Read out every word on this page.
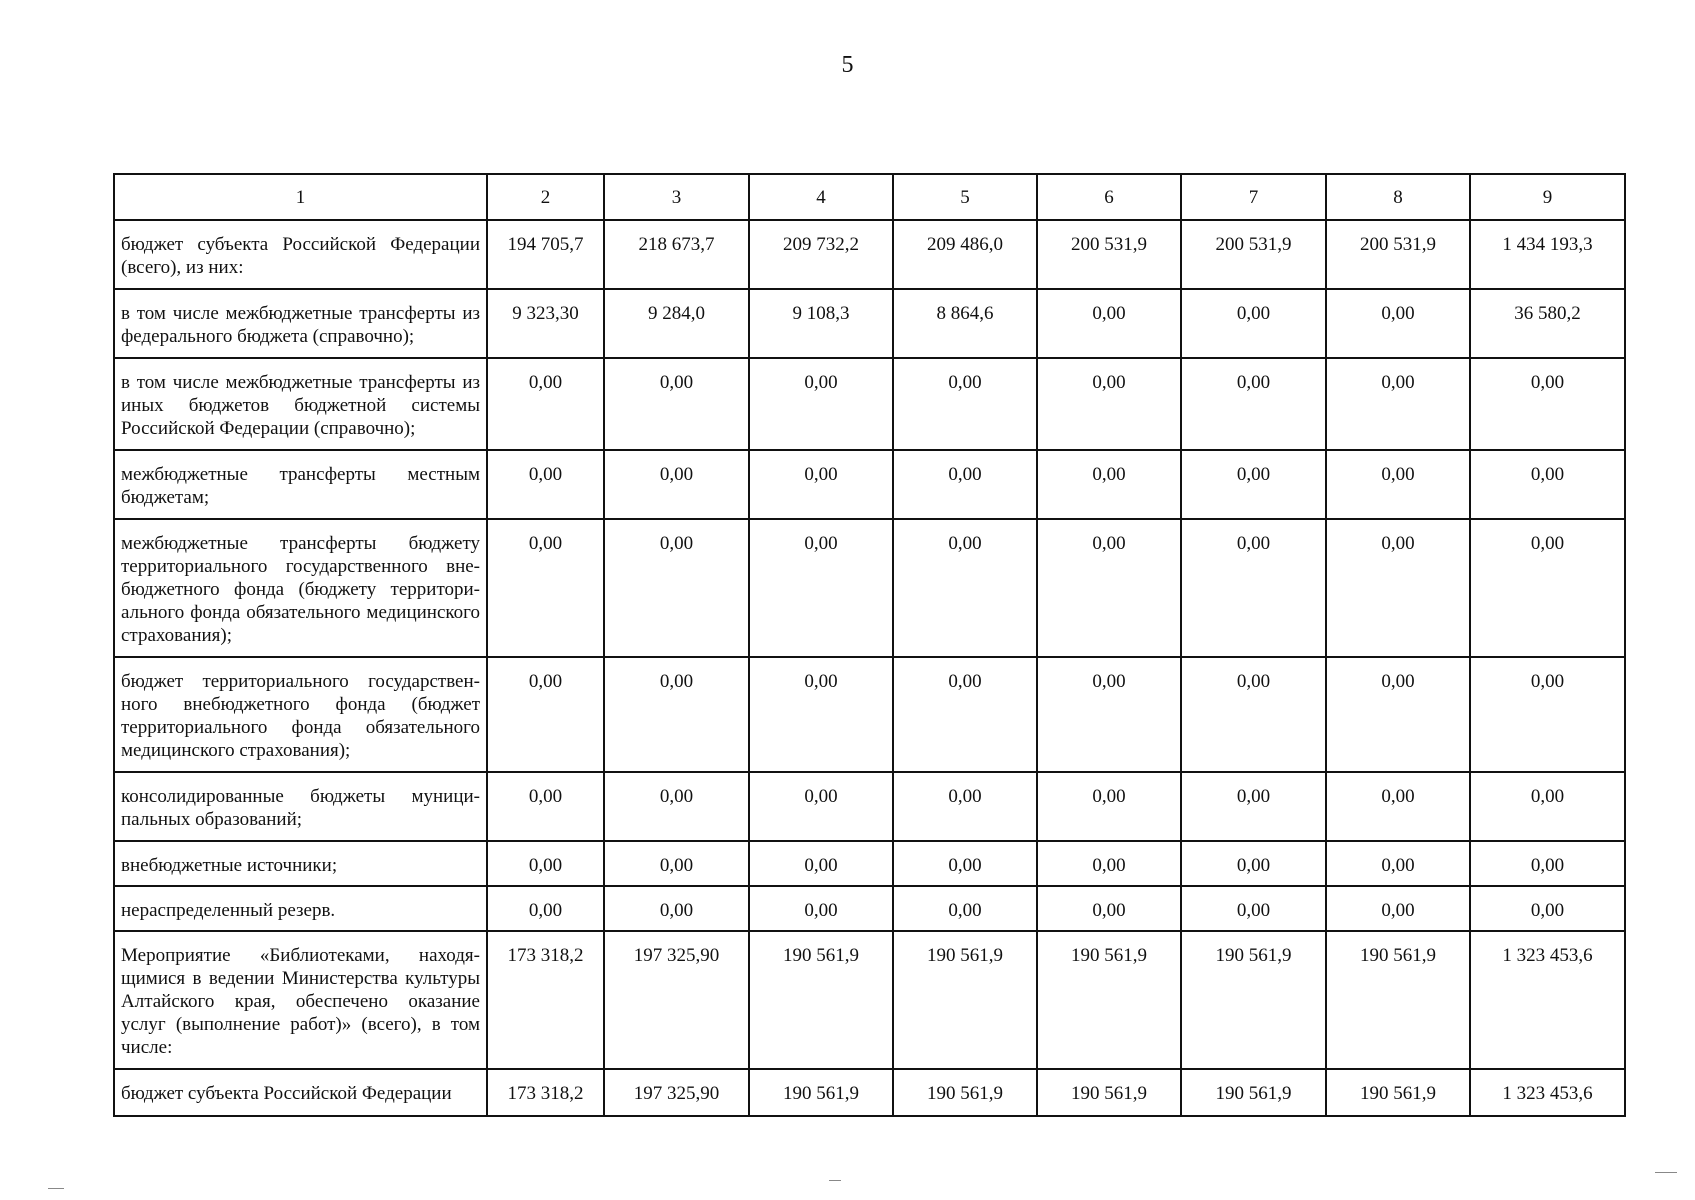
5
1	2	3	4	5	6	7	8	9
бюджет субъекта Российской Федерации (всего), из них:	194 705,7	218 673,7	209 732,2	209 486,0	200 531,9	200 531,9	200 531,9	1 434 193,3
в том числе межбюджетные трансферты из федерального бюджета (справочно);	9 323,30	9 284,0	9 108,3	8 864,6	0,00	0,00	0,00	36 580,2
в том числе межбюджетные трансферты из иных бюджетов бюджетной системы Российской Федерации (справочно);	0,00	0,00	0,00	0,00	0,00	0,00	0,00	0,00
межбюджетные трансферты местным бюджетам;	0,00	0,00	0,00	0,00	0,00	0,00	0,00	0,00
межбюджетные трансферты бюджету территориального государственного внебюджетного фонда (бюджету территориального фонда обязательного медицинского страхования);	0,00	0,00	0,00	0,00	0,00	0,00	0,00	0,00
бюджет территориального государственного внебюджетного фонда (бюджет территориального фонда обязательного медицинского страхования);	0,00	0,00	0,00	0,00	0,00	0,00	0,00	0,00
консолидированные бюджеты муниципальных образований;	0,00	0,00	0,00	0,00	0,00	0,00	0,00	0,00
внебюджетные источники;	0,00	0,00	0,00	0,00	0,00	0,00	0,00	0,00
нераспределенный резерв.	0,00	0,00	0,00	0,00	0,00	0,00	0,00	0,00
Мероприятие «Библиотеками, находящимися в ведении Министерства культуры Алтайского края, обеспечено оказание услуг (выполнение работ)» (всего), в том числе:	173 318,2	197 325,90	190 561,9	190 561,9	190 561,9	190 561,9	190 561,9	1 323 453,6
бюджет субъекта Российской Федерации	173 318,2	197 325,90	190 561,9	190 561,9	190 561,9	190 561,9	190 561,9	1 323 453,6
